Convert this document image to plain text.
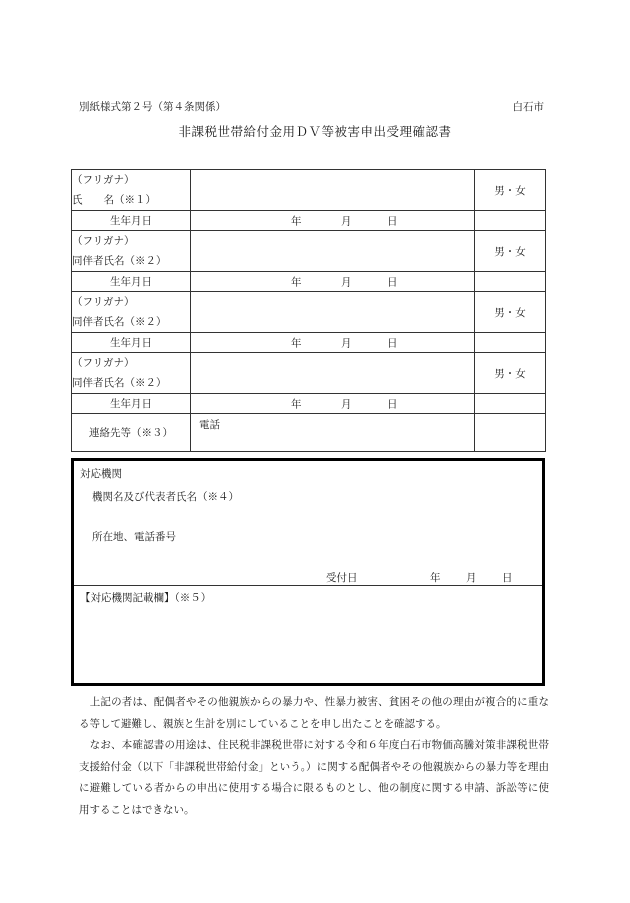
別紙様式第２号（第４条関係）	白石市
非課税世帯給付金用ＤＶ等被害申出受理確認書
（フリガナ）		男・女
氏　　名（※１）		
生年月日	年 月 日	

（フリガナ）		男・女
同伴者氏名（※２）		
生年月日	年 月 日	

（フリガナ）		男・女
同伴者氏名（※２）		
生年月日	年 月 日	

（フリガナ）		男・女
同伴者氏名（※２）		
生年月日	年 月 日	

連絡先等（※３）	電話	
対応機関
機関名及び代表者氏名（※４）
所在地、電話番号
受付日	年 月 日
【対応機関記載欄】（※５）
　上記の者は、配偶者やその他親族からの暴力や、性暴力被害、貧困その他の理由が複合的に重なる等して避難し、親族と生計を別にしていることを申し出たことを確認する。
　なお、本確認書の用途は、住民税非課税世帯に対する令和６年度白石市物価高騰対策非課税世帯支援給付金（以下「非課税世帯給付金」という。）に関する配偶者やその他親族からの暴力等を理由に避難している者からの申出に使用する場合に限るものとし、他の制度に関する申請、訴訟等に使用することはできない。
